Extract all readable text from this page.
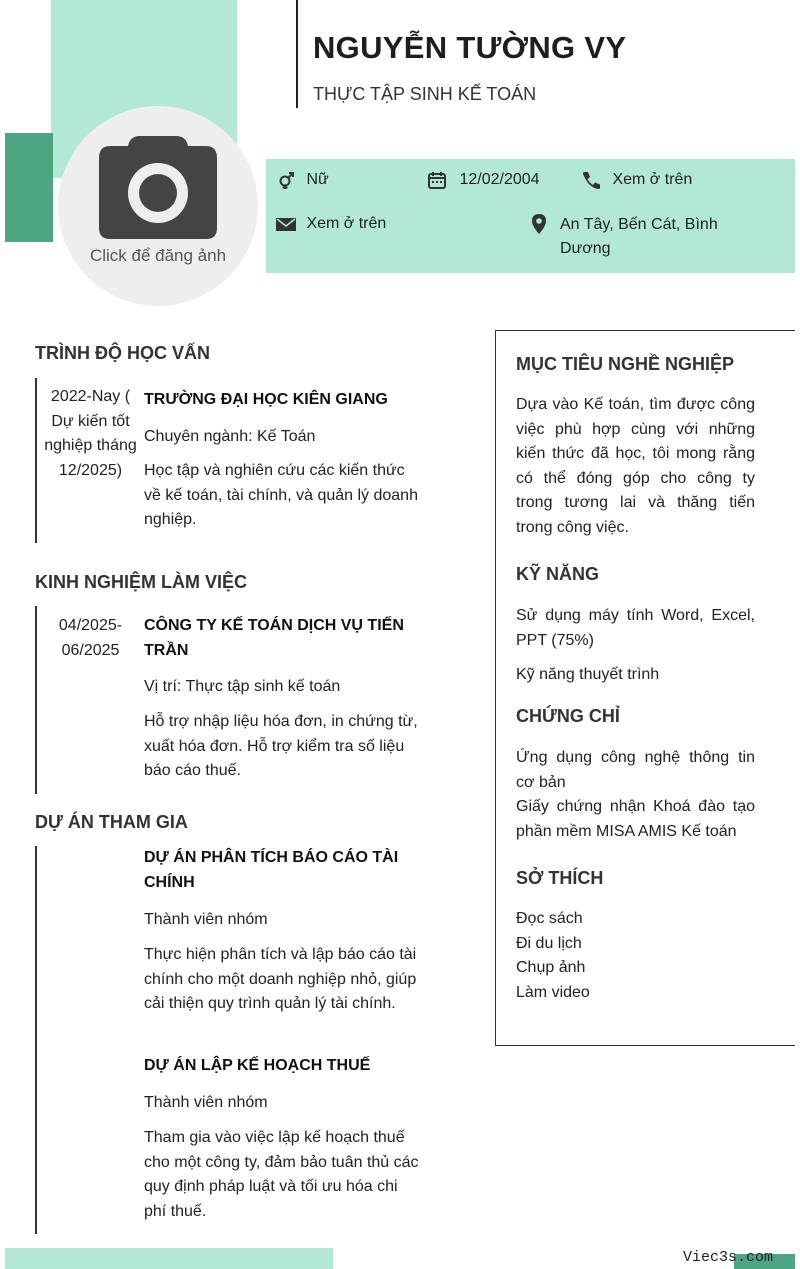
NGUYỄN TƯỜNG VY
THỰC TẬP SINH KẾ TOÁN
Click để đăng ảnh
Nữ	12/02/2004	Xem ở trên
Xem ở trên	An Tây, Bến Cát, Bình Dương
TRÌNH ĐỘ HỌC VẤN
2022-Nay ( Dự kiến tốt nghiệp tháng 12/2025)
TRƯỜNG ĐẠI HỌC KIÊN GIANG
Chuyên ngành: Kế Toán
Học tập và nghiên cứu các kiến thức về kế toán, tài chính, và quản lý doanh nghiệp.
KINH NGHIỆM LÀM VIỆC
04/2025-06/2025
CÔNG TY KẾ TOÁN DỊCH VỤ TIẾN TRẦN
Vị trí: Thực tập sinh kế toán
Hỗ trợ nhập liệu hóa đơn, in chứng từ, xuất hóa đơn. Hỗ trợ kiểm tra số liệu báo cáo thuế.
DỰ ÁN THAM GIA
DỰ ÁN PHÂN TÍCH BÁO CÁO TÀI CHÍNH
Thành viên nhóm
Thực hiện phân tích và lập báo cáo tài chính cho một doanh nghiệp nhỏ, giúp cải thiện quy trình quản lý tài chính.
DỰ ÁN LẬP KẾ HOẠCH THUẾ
Thành viên nhóm
Tham gia vào việc lập kế hoạch thuế cho một công ty, đảm bảo tuân thủ các quy định pháp luật và tối ưu hóa chi phí thuế.
MỤC TIÊU NGHỀ NGHIỆP
Dựa vào Kế toán, tìm được công việc phù hợp cùng với những kiến thức đã học, tôi mong rằng có thể đóng góp cho công ty trong tương lai và thăng tiến trong công việc.
KỸ NĂNG
Sử dụng máy tính Word, Excel, PPT (75%)
Kỹ năng thuyết trình
CHỨNG CHỈ
Ứng dụng công nghệ thông tin cơ bản
Giấy chứng nhận Khoá đào tạo phần mềm MISA AMIS Kế toán
SỞ THÍCH
Đọc sách
Đi du lịch
Chụp ảnh
Làm video
Viec3s.com
